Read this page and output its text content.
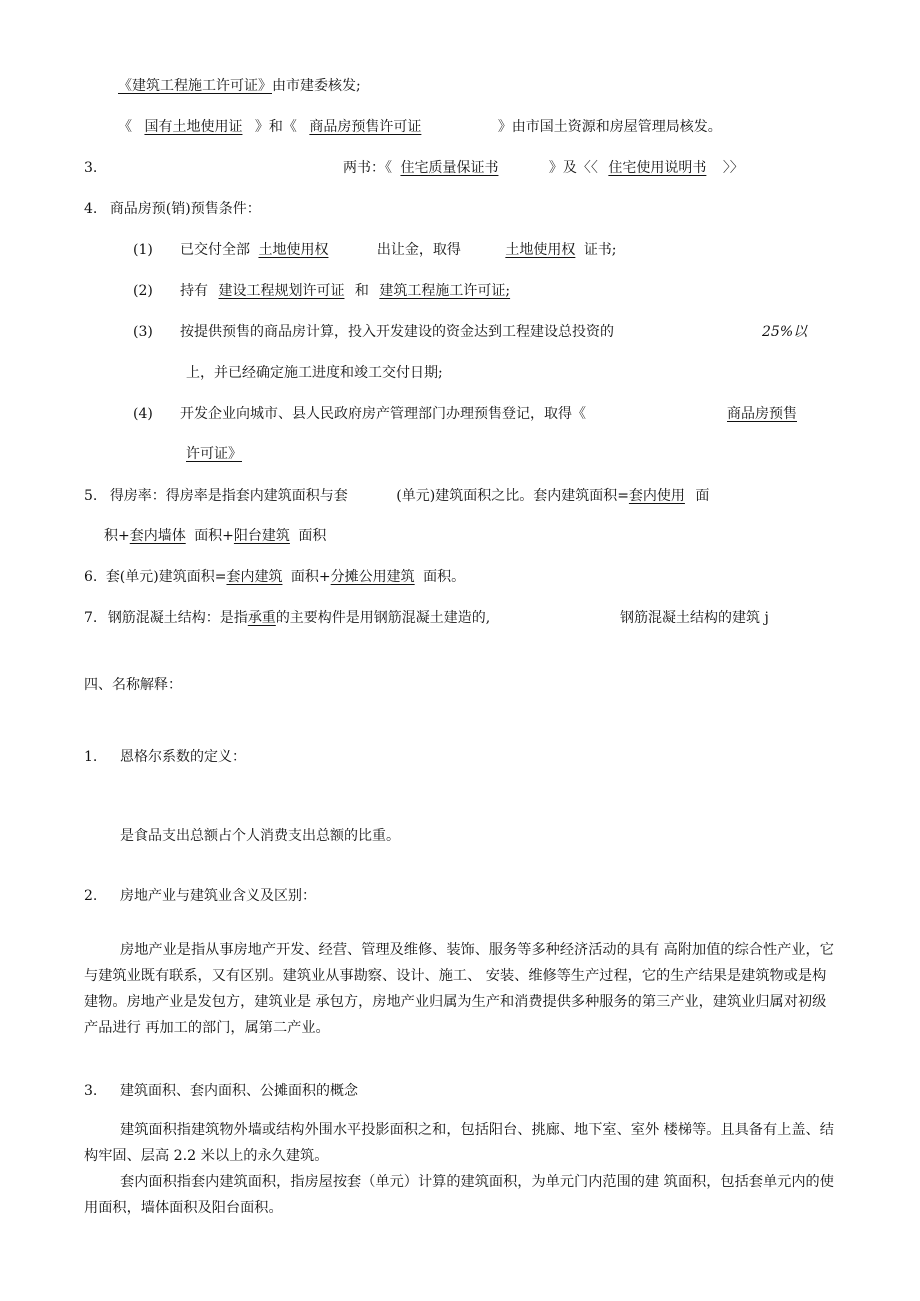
《建筑工程施工许可证》由市建委核发;
《 国有土地使用证 》和《 商品房预售许可证	》由市国土资源和房屋管理局核发。
3.	两书：《 住宅质量保证书	》及〈〈 住宅使用说明书 〉〉
4. 商品房预(销)预售条件：
(1) 已交付全部 土地使用权	出让金，取得	土地使用权 证书;
(2) 持有 建设工程规划许可证 和 建筑工程施工许可证;
(3) 按提供预售的商品房计算，投入开发建设的资金达到工程建设总投资的	25%以
上，并已经确定施工进度和竣工交付日期;
(4) 开发企业向城市、县人民政府房产管理部门办理预售登记，取得《	商品房预售
许可证》
5. 得房率：得房率是指套内建筑面积与套	(单元)建筑面积之比。套内建筑面积=套内使用 面
积+套内墙体 面积+阳台建筑 面积
6. 套(单元)建筑面积=套内建筑 面积+分摊公用建筑 面积。
7. 钢筋混凝土结构：是指承重的主要构件是用钢筋混凝土建造的,	钢筋混凝土结构的建筑 j
四、名称解释：
1. 恩格尔系数的定义：
是食品支出总额占个人消费支出总额的比重。
2. 房地产业与建筑业含义及区别：
房地产业是指从事房地产开发、经营、管理及维修、装饰、服务等多种经济活动的具有 高附加值的综合性产业，它与建筑业既有联系，又有区别。建筑业从事勘察、设计、施工、 安装、维修等生产过程，它的生产结果是建筑物或是构建物。房地产业是发包方，建筑业是 承包方，房地产业归属为生产和消费提供多种服务的第三产业，建筑业归属对初级产品进行 再加工的部门，属第二产业。
3. 建筑面积、套内面积、公摊面积的概念
建筑面积指建筑物外墙或结构外围水平投影面积之和，包括阳台、挑廊、地下室、室外 楼梯等。且具备有上盖、结构牢固、层高 2.2 米以上的永久建筑。
套内面积指套内建筑面积，指房屋按套（单元）计算的建筑面积，为单元门内范围的建 筑面积，包括套单元内的使用面积，墙体面积及阳台面积。
